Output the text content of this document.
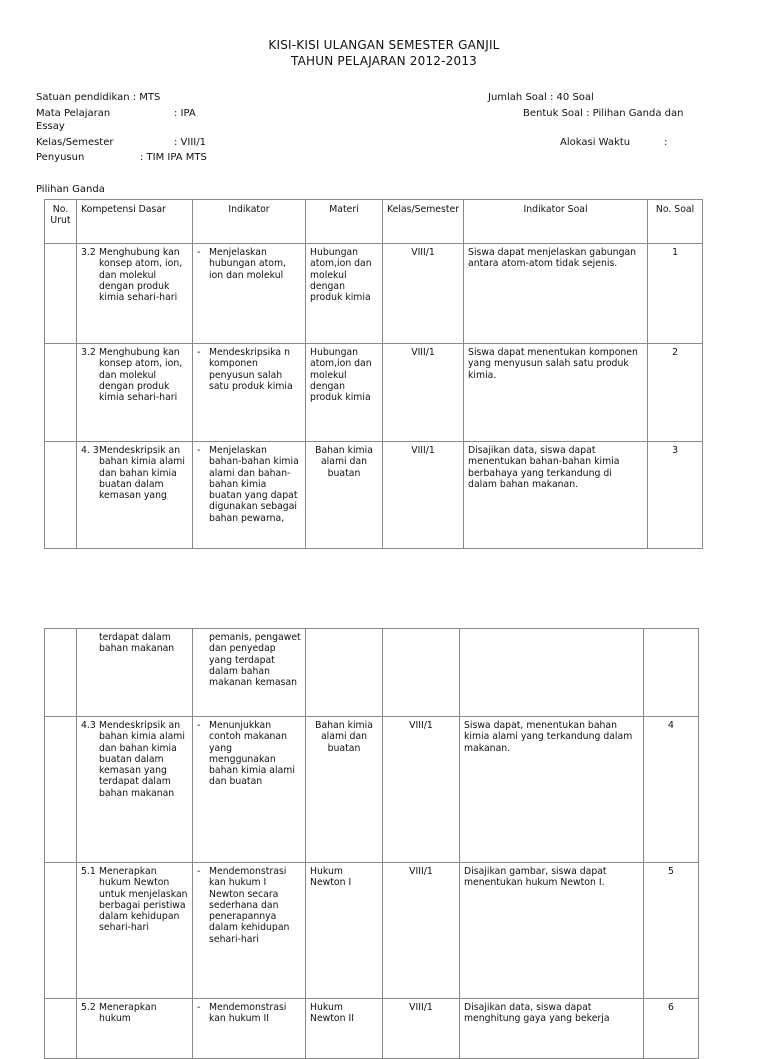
KISI-KISI ULANGAN SEMESTER GANJIL
TAHUN PELAJARAN 2012-2013
Satuan pendidikan : MTS
Mata Pelajaran	: IPA
Essay
Kelas/Semester	: VIII/1
Penyusun	: TIM IPA MTS
Jumlah Soal : 40 Soal
Bentuk Soal : Pilihan Ganda dan
Alokasi Waktu	:
Pilihan Ganda
No. Urut	Kompetensi Dasar	Indikator	Materi	Kelas/Semester	Indikator Soal	No. Soal
	3.2 Menghubung kan konsep atom, ion, dan molekul dengan produk kimia sehari-hari	- Menjelaskan hubungan atom, ion dan molekul	Hubungan atom,ion dan molekul dengan produk kimia	VIII/1	Siswa dapat menjelaskan gabungan antara atom-atom tidak sejenis.	1
	3.2 Menghubung kan konsep atom, ion, dan molekul dengan produk kimia sehari-hari	- Mendeskripsika n komponen penyusun salah satu produk kimia	Hubungan atom,ion dan molekul dengan produk kimia	VIII/1	Siswa dapat menentukan komponen yang menyusun salah satu produk kimia.	2
	4. 3 Mendeskripsik an bahan kimia alami dan bahan kimia buatan dalam kemasan yang	- Menjelaskan bahan-bahan kimia alami dan bahan-bahan kimia buatan yang dapat digunakan sebagai bahan pewarna,	Bahan kimia alami dan buatan	VIII/1	Disajikan data, siswa dapat menentukan bahan-bahan kimia berbahaya yang terkandung di dalam bahan makanan.	3

	terdapat dalam bahan makanan	pemanis, pengawet dan penyedap yang terdapat dalam bahan makanan kemasan				

	4.3 Mendeskripsik an bahan kimia alami dan bahan kimia buatan dalam kemasan yang terdapat dalam bahan makanan	- Menunjukkan contoh makanan yang menggunakan bahan kimia alami dan buatan	Bahan kimia alami dan buatan	VIII/1	Siswa dapat, menentukan bahan kimia alami yang terkandung dalam makanan.	4
	5.1 Menerapkan hukum Newton untuk menjelaskan berbagai peristiwa dalam kehidupan sehari-hari	- Mendemonstrasi kan hukum I Newton secara sederhana dan penerapannya dalam kehidupan sehari-hari	Hukum Newton I	VIII/1	Disajikan gambar, siswa dapat menentukan hukum Newton I.	5
	5.2 Menerapkan hukum	- Mendemonstrasi kan hukum II	Hukum Newton II	VIII/1	Disajikan data, siswa dapat menghitung gaya yang bekerja	6
